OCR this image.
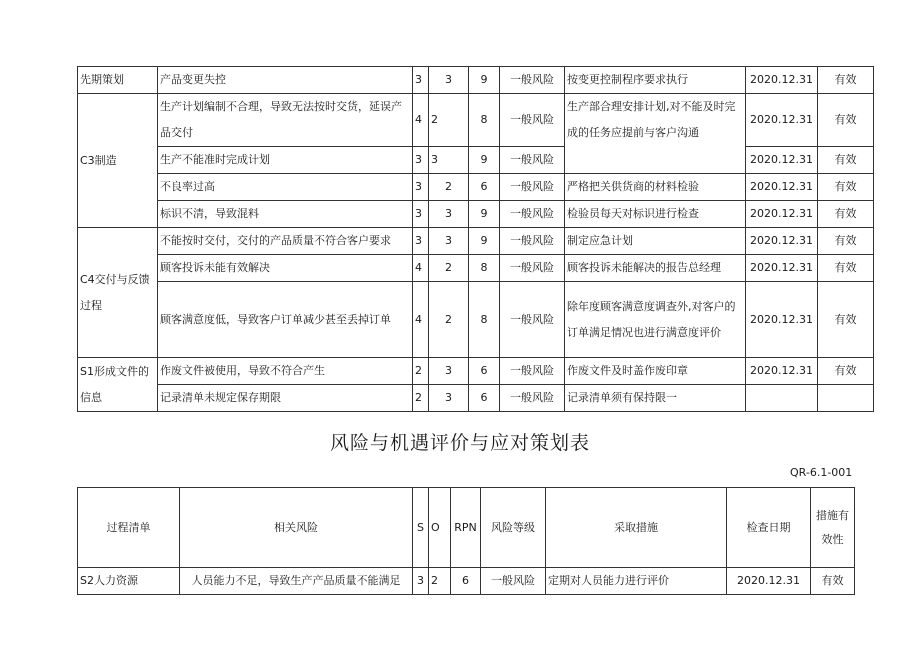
先期策划	产品变更失控	3	3	9	一般风险	按变更控制程序要求执行	2020.12.31	有效
C3制造	生产计划编制不合理，导致无法按时交货，延误产品交付	4	2	8	一般风险	生产部合理安排计划,对不能及时完成的任务应提前与客户沟通	2020.12.31	有效
	生产不能准时完成计划	3	3	9	一般风险		2020.12.31	有效
	不良率过高	3	2	6	一般风险	严格把关供货商的材料检验	2020.12.31	有效
	标识不清，导致混料	3	3	9	一般风险	检验员每天对标识进行检查	2020.12.31	有效
C4交付与反馈过程	不能按时交付，交付的产品质量不符合客户要求	3	3	9	一般风险	制定应急计划	2020.12.31	有效
	顾客投诉未能有效解决	4	2	8	一般风险	顾客投诉未能解决的报告总经理	2020.12.31	有效
	顾客满意度低，导致客户订单减少甚至丢掉订单	4	2	8	一般风险	除年度顾客满意度调查外,对客户的订单满足情况也进行满意度评价	2020.12.31	有效
S1形成文件的信息	作废文件被使用，导致不符合产生	2	3	6	一般风险	作废文件及时盖作废印章	2020.12.31	有效
	记录清单未规定保存期限	2	3	6	一般风险	记录清单须有保持限一		
风险与机遇评价与应对策划表
QR-6.1-001
过程清单	相关风险	S	O	RPN	风险等级	采取措施	检查日期	措施有效性
S2人力资源	人员能力不足，导致生产产品质量不能满足	3	2	6	一般风险	定期对人员能力进行评价	2020.12.31	有效
